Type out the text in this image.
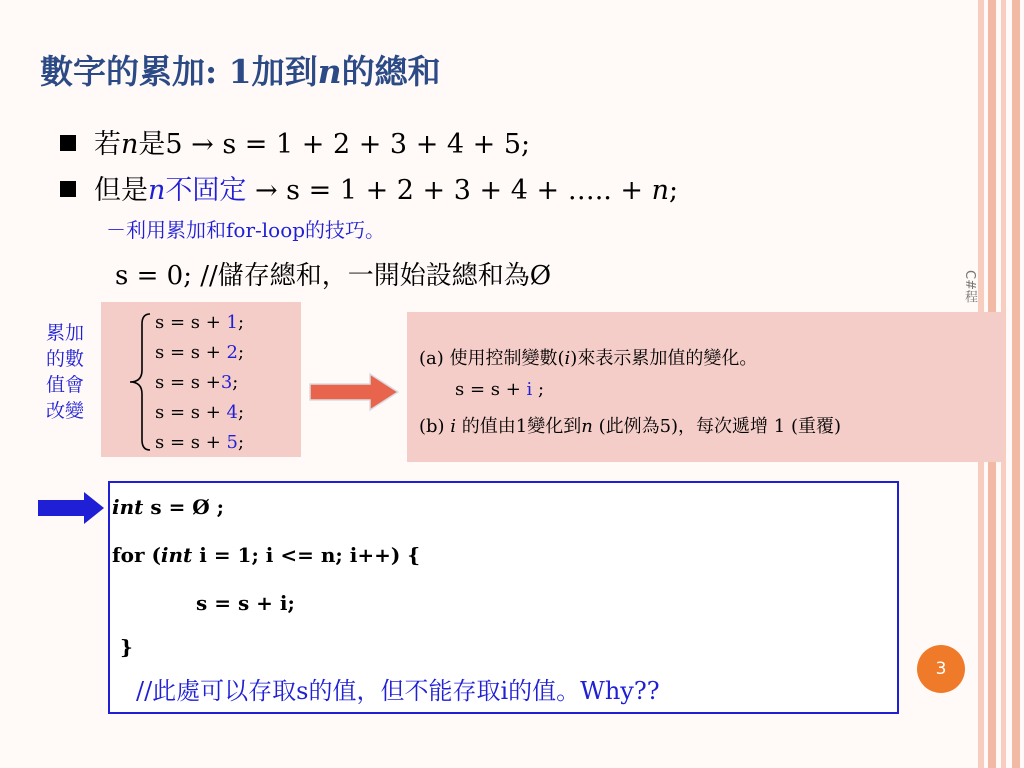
C#程
數字的累加: 1加到n的總和
若n是5 → s = 1 + 2 + 3 + 4 + 5;
但是n不固定 → s = 1 + 2 + 3 + 4 + ….. + n;
－利用累加和for-loop的技巧。
s = 0; //儲存總和，一開始設總和為Ø
累加
的數
值會
改變
s = s + 1;
s = s + 2;
s = s +3;
s = s + 4;
s = s + 5;
(a) 使用控制變數(i)來表示累加值的變化。
s = s + i ;
(b) i 的值由1變化到n (此例為5)，每次遞增 1 (重覆)
int s = Ø ;
for (int i = 1; i <= n; i++) {
s = s + i;
}
//此處可以存取s的值，但不能存取i的值。Why??
3
